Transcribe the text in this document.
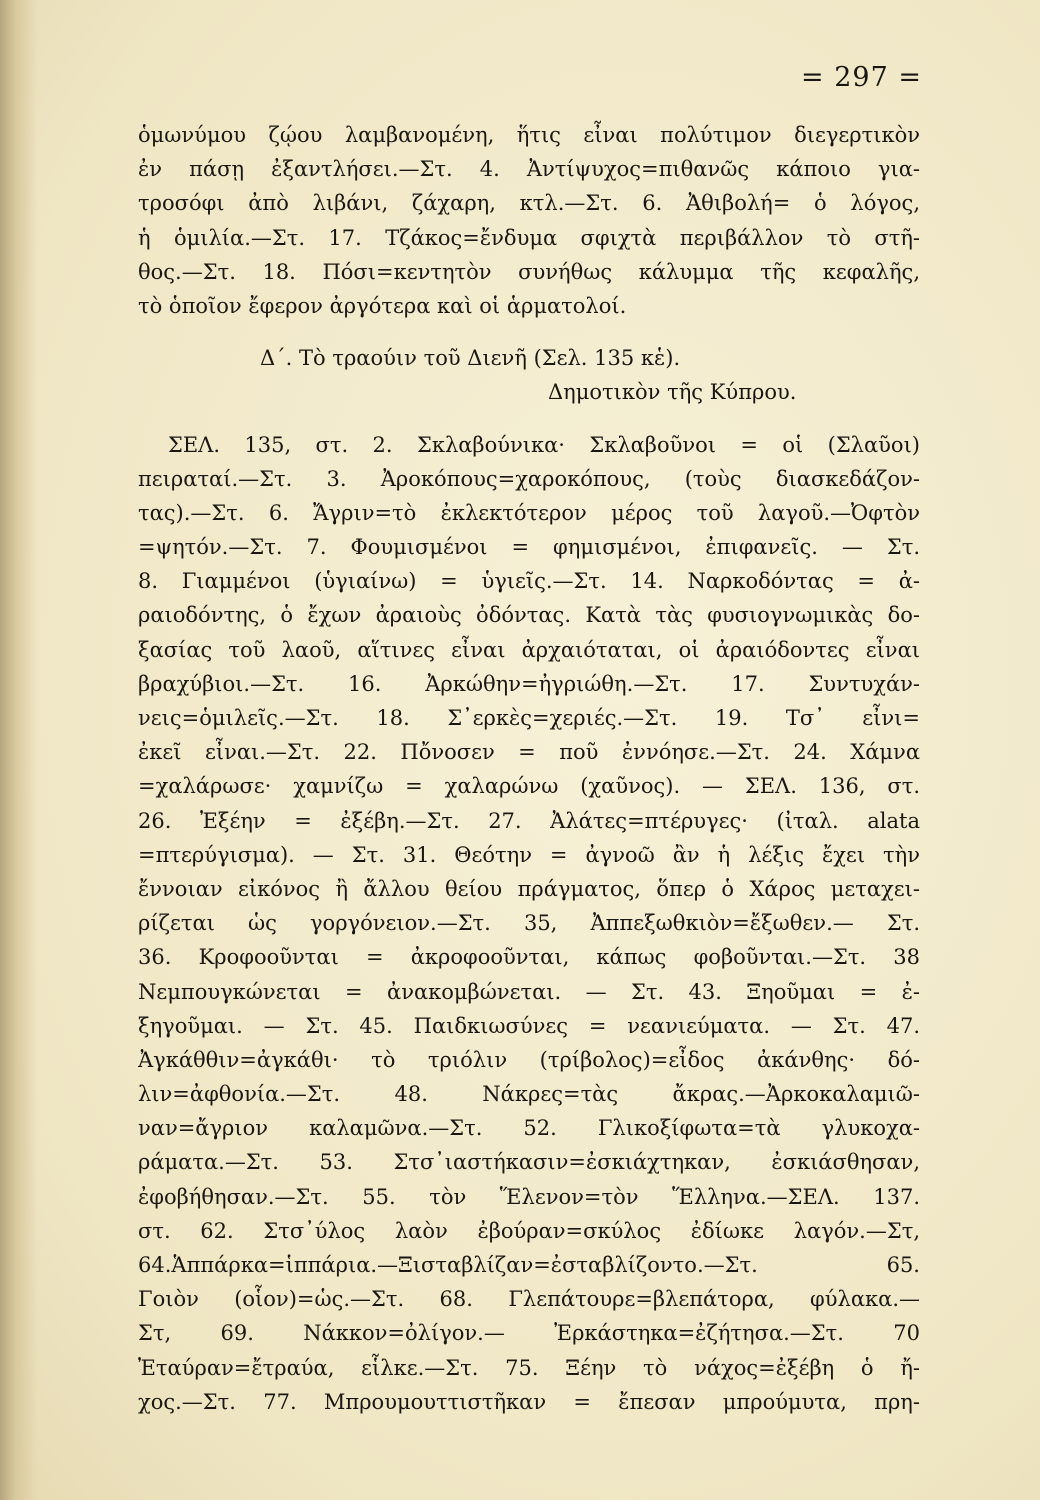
= 297 =
ὁμωνύμου ζῴου λαμβανομένη, ἥτις εἶναι πολύτιμον διεγερτικὸν
ἐν πάσῃ ἐξαντλήσει.—Στ. 4. Ἀντίψυχος=πιθανῶς κάποιο για-
τροσόφι ἀπὸ λιβάνι, ζάχαρη, κτλ.—Στ. 6. Ἀθιβολή= ὁ λόγος,
ἡ ὁμιλία.—Στ. 17. Τζάκος=ἔνδυμα σφιχτὰ περιβάλλον τὸ στῆ-
θος.—Στ. 18. Πόσι=κεντητὸν συνήθως κάλυμμα τῆς κεφαλῆς,
τὸ ὁποῖον ἔφερον ἀργότερα καὶ οἱ ἁρματολοί.
Δ΄. Τὸ τραούιν τοῦ Διενῆ (Σελ. 135 κἑ).
Δημοτικὸν τῆς Κύπρου.
ΣΕΛ. 135, στ. 2. Σκλαβούνικα· Σκλαβοῦνοι = οἱ (Σλαῦοι)
πειραταί.—Στ. 3. Ἀροκόπους=χαροκόπους, (τοὺς διασκεδάζον-
τας).—Στ. 6. Ἄγριν=τὸ ἐκλεκτότερον μέρος τοῦ λαγοῦ.—Ὀφτὸν
=ψητόν.—Στ. 7. Φουμισμένοι = φημισμένοι, ἐπιφανεῖς. — Στ.
8. Γιαμμένοι (ὑγιαίνω) = ὑγιεῖς.—Στ. 14. Ναρκοδόντας = ἀ-
ραιοδόντης, ὁ ἔχων ἀραιοὺς ὀδόντας. Κατὰ τὰς φυσιογνωμικὰς δο-
ξασίας τοῦ λαοῦ, αἵτινες εἶναι ἀρχαιόταται, οἱ ἀραιόδοντες εἶναι
βραχύβιοι.—Στ. 16. Ἀρκώθην=ἠγριώθη.—Στ. 17. Συντυχάν-
νεις=ὁμιλεῖς.—Στ. 18. Σ᾿ερκὲς=χεριές.—Στ. 19. Τσ᾿ εἶνι=
ἐκεῖ εἶναι.—Στ. 22. Πὄνοσεν = ποῦ ἐννόησε.—Στ. 24. Χάμνα
=χαλάρωσε· χαμνίζω = χαλαρώνω (χαῦνος). — ΣΕΛ. 136, στ.
26. Ἐξέην = ἐξέβη.—Στ. 27. Ἀλάτες=πτέρυγες· (ἰταλ. alata
=πτερύγισμα). — Στ. 31. Θεότην = ἀγνοῶ ἂν ἡ λέξις ἔχει τὴν
ἔννοιαν εἰκόνος ἢ ἄλλου θείου πράγματος, ὅπερ ὁ Χάρος μεταχει-
ρίζεται ὡς γοργόνειον.—Στ. 35, Ἀππεξωθκιὸν=ἔξωθεν.— Στ.
36. Κροφοοῦνται = ἀκροφοοῦνται, κάπως φοβοῦνται.—Στ. 38
Νεμπουγκώνεται = ἀνακομβώνεται. — Στ. 43. Ξηοῦμαι = ἐ-
ξηγοῦμαι. — Στ. 45. Παιδκιωσύνες = νεανιεύματα. — Στ. 47.
Ἀγκάθθιν=ἀγκάθι· τὸ τριόλιν (τρίβολος)=εἶδος ἀκάνθης· δό-
λιν=ἀφθονία.—Στ. 48. Νάκρες=τὰς ἄκρας.—Ἀρκοκαλαμιῶ-
ναν=ἄγριον καλαμῶνα.—Στ. 52. Γλικοξίφωτα=τὰ γλυκοχα-
ράματα.—Στ. 53. Στσ᾿ιαστήκασιν=ἐσκιάχτηκαν, ἐσκιάσθησαν,
ἐφοβήθησαν.—Στ. 55. τὸν Ἕλενον=τὸν Ἕλληνα.—ΣΕΛ. 137.
στ. 62. Στσ᾿ύλος λαὸν ἐβούραν=σκύλος ἐδίωκε λαγόν.—Στ,
64.Ἁππάρκα=ἱππάρια.—Ξισταβλίζαν=ἐσταβλίζοντο.—Στ. 65.
Γοιὸν (οἷον)=ὡς.—Στ. 68. Γλεπάτουρε=βλεπάτορα, φύλακα.—
Στ, 69. Νάκκον=ὀλίγον.— Ἐρκάστηκα=ἐζήτησα.—Στ. 70
Ἐταύραν=ἔτραύα, εἷλκε.—Στ. 75. Ξέην τὸ νάχος=ἐξέβη ὁ ἤ-
χος.—Στ. 77. Μπρουμουττιστῆκαν = ἔπεσαν μπρούμυτα, πρη-
